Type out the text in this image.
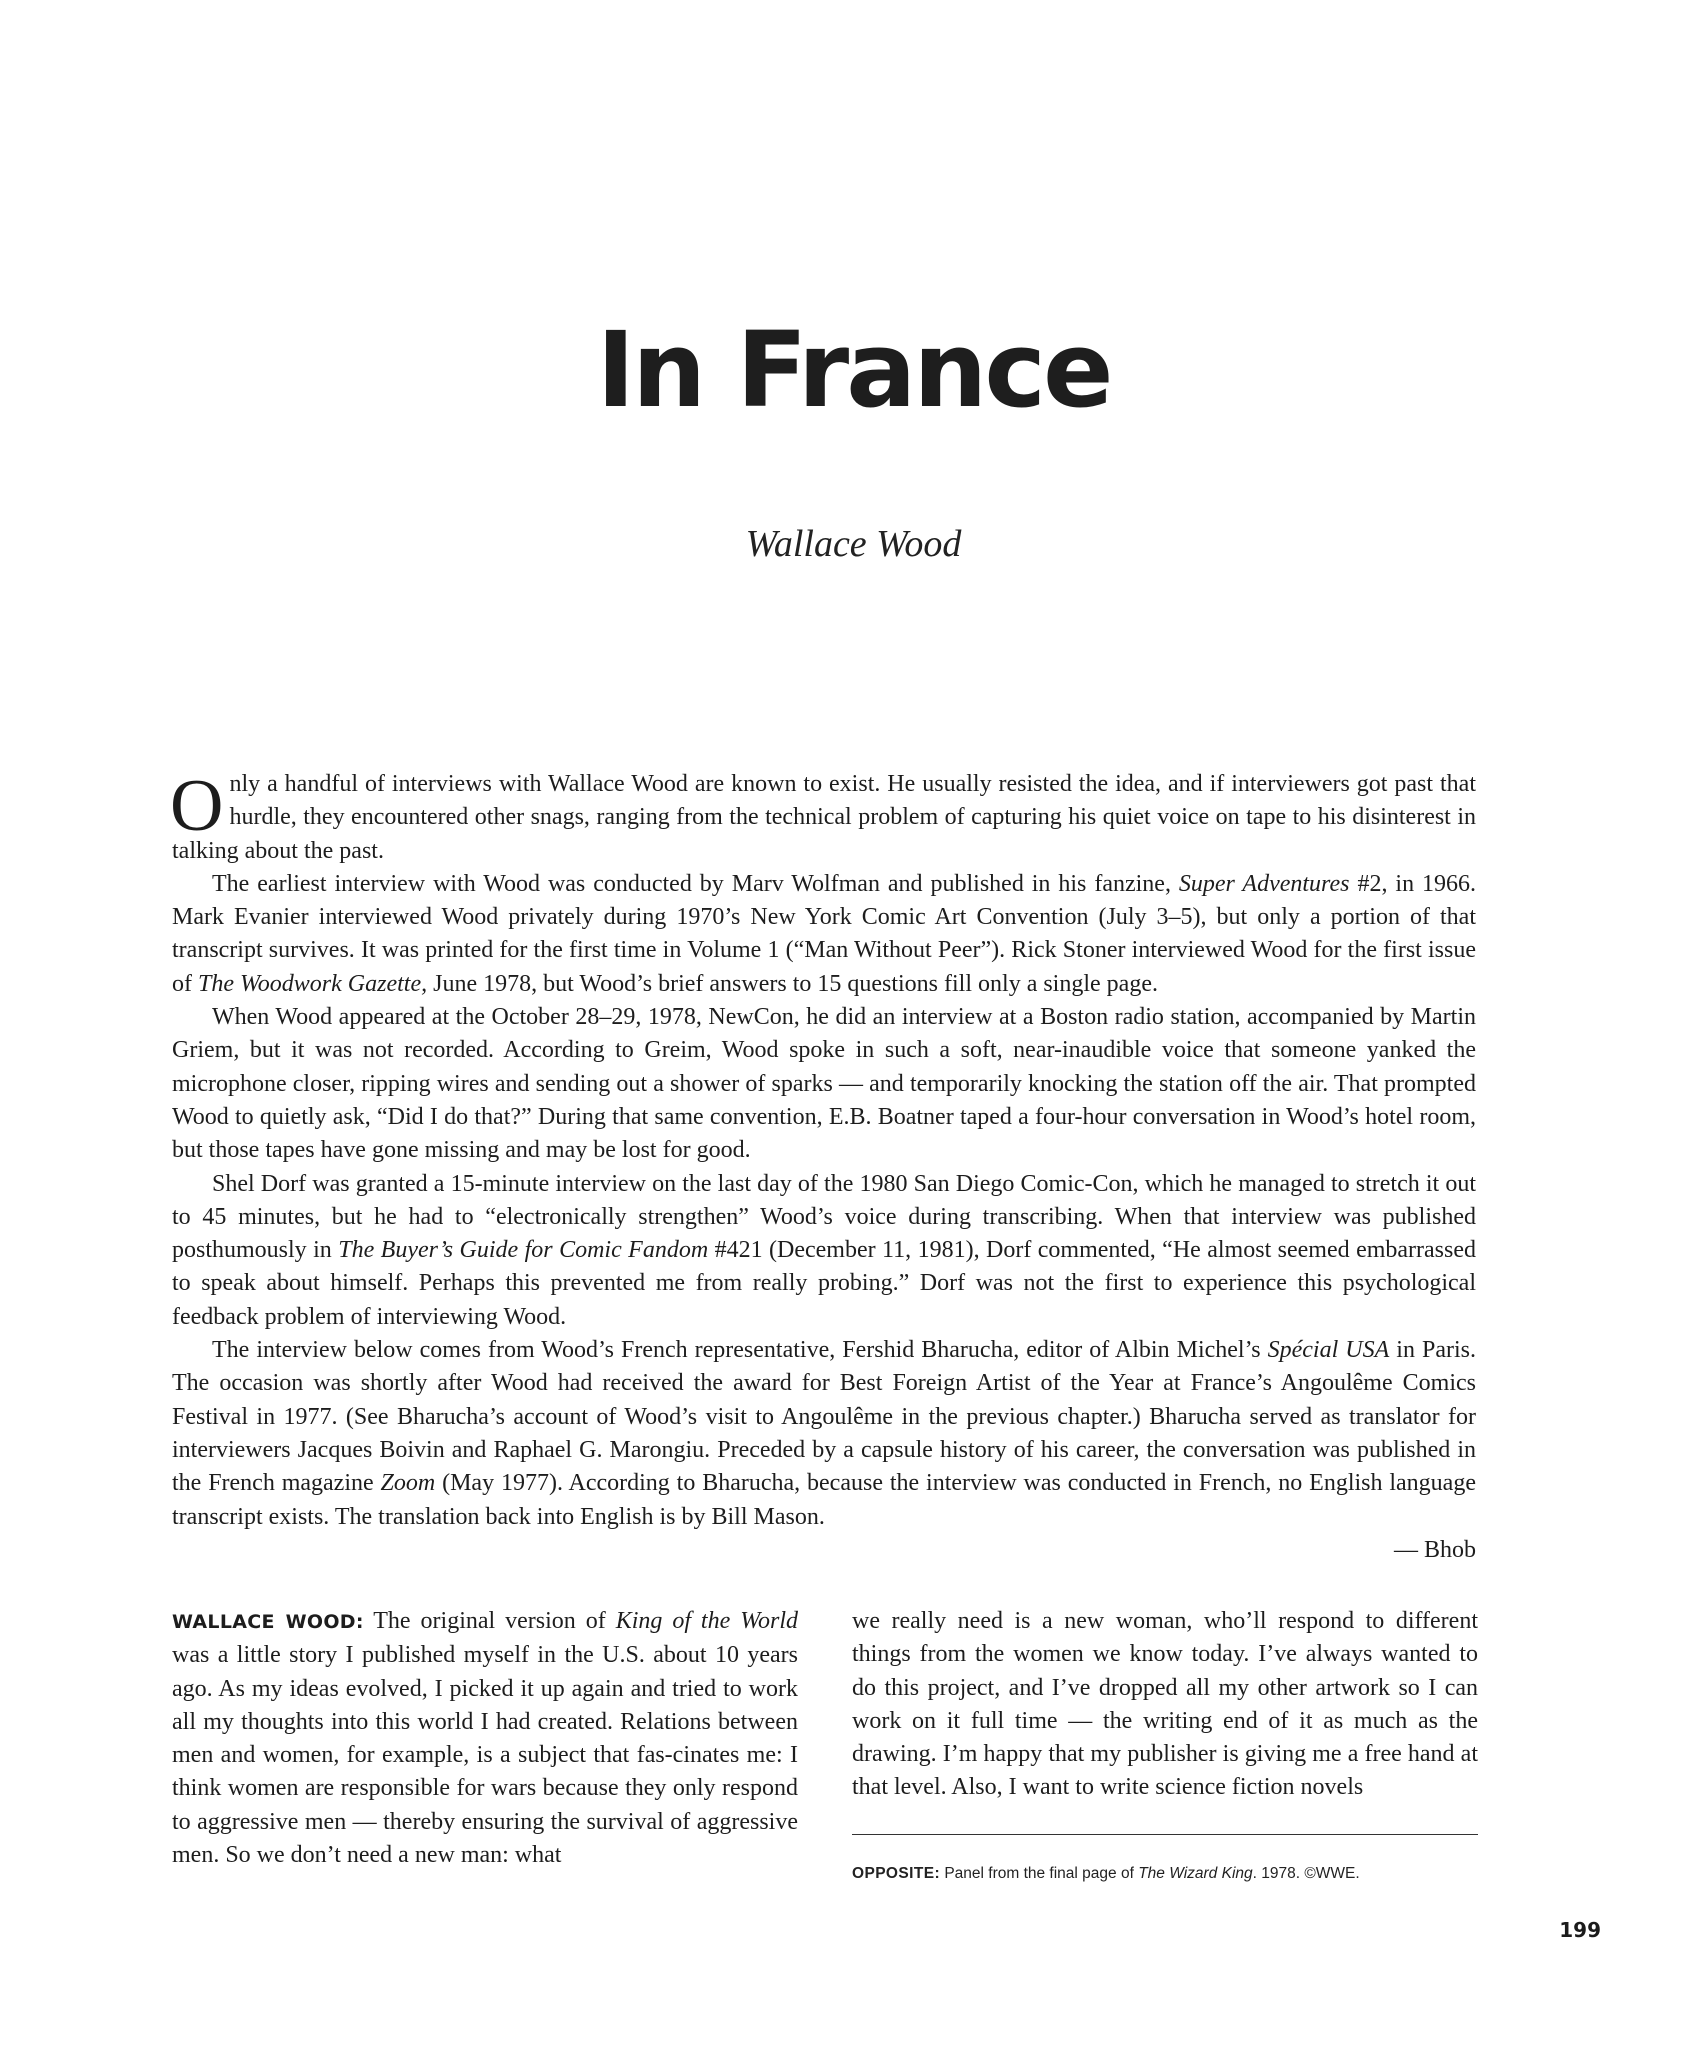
In France
Wallace Wood

Only a handful of interviews with Wallace Wood are known to exist. He usually resisted the idea, and if interviewers got past that hurdle, they encountered other snags, ranging from the technical problem of capturing his quiet voice on tape to his disinterest in talking about the past.

The earliest interview with Wood was conducted by Marv Wolfman and published in his fanzine, Super Adventures #2, in 1966. Mark Evanier interviewed Wood privately during 1970’s New York Comic Art Convention (July 3–5), but only a portion of that transcript survives. It was printed for the first time in Volume 1 (“Man Without Peer”). Rick Stoner interviewed Wood for the first issue of The Woodwork Gazette, June 1978, but Wood’s brief answers to 15 questions fill only a single page.

When Wood appeared at the October 28–29, 1978, NewCon, he did an interview at a Boston radio station, accompanied by Martin Griem, but it was not recorded. According to Greim, Wood spoke in such a soft, near-inaudible voice that someone yanked the microphone closer, ripping wires and sending out a shower of sparks — and temporarily knocking the station off the air. That prompted Wood to quietly ask, “Did I do that?” During that same convention, E.B. Boatner taped a four-hour conversation in Wood’s hotel room, but those tapes have gone missing and may be lost for good.

Shel Dorf was granted a 15-minute interview on the last day of the 1980 San Diego Comic-Con, which he managed to stretch it out to 45 minutes, but he had to “electronically strengthen” Wood’s voice during transcribing. When that interview was published posthumously in The Buyer’s Guide for Comic Fandom #421 (December 11, 1981), Dorf commented, “He almost seemed embarrassed to speak about himself. Perhaps this prevented me from really probing.” Dorf was not the first to experience this psychological feedback problem of interviewing Wood.

The interview below comes from Wood’s French representative, Fershid Bharucha, editor of Albin Michel’s Spécial USA in Paris. The occasion was shortly after Wood had received the award for Best Foreign Artist of the Year at France’s Angoulême Comics Festival in 1977. (See Bharucha’s account of Wood’s visit to Angoulême in the previous chapter.) Bharucha served as translator for interviewers Jacques Boivin and Raphael G. Marongiu. Preceded by a capsule history of his career, the conversation was published in the French magazine Zoom (May 1977). According to Bharucha, because the interview was conducted in French, no English language transcript exists. The translation back into English is by Bill Mason.

— Bhob

WALLACE WOOD: The original version of King of the World was a little story I published myself in the U.S. about 10 years ago. As my ideas evolved, I picked it up again and tried to work all my thoughts into this world I had created. Relations between men and women, for example, is a subject that fas-cinates me: I think women are responsible for wars because they only respond to aggressive men — thereby ensuring the survival of aggressive men. So we don’t need a new man: what

we really need is a new woman, who’ll respond to different things from the women we know today. I’ve always wanted to do this project, and I’ve dropped all my other artwork so I can work on it full time — the writing end of it as much as the drawing. I’m happy that my publisher is giving me a free hand at that level. Also, I want to write science fiction novels

OPPOSITE: Panel from the final page of The Wizard King. 1978. ©WWE.
199
